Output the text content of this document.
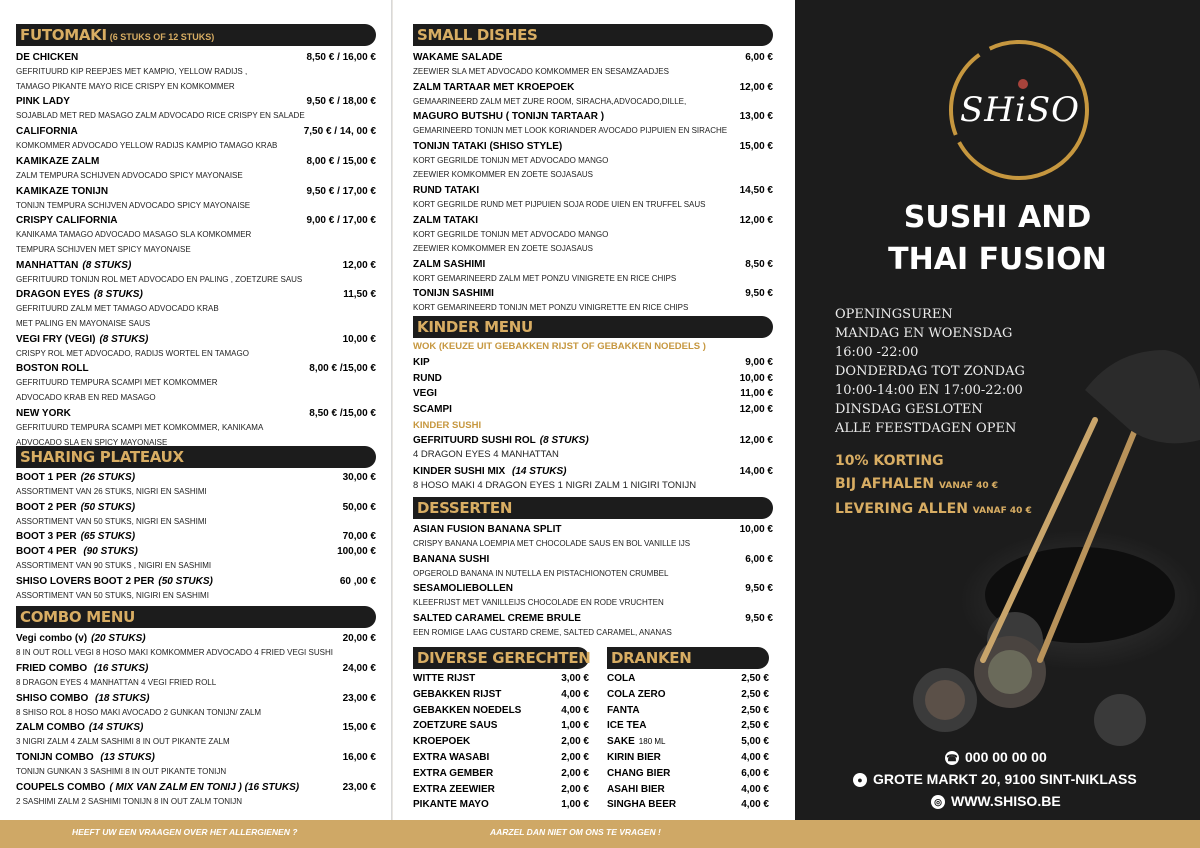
FUTOMAKI (6 STUKS OF 12 STUKS)
DE CHICKEN	8,50 € / 16,00 €
GEFRITUURD KIP REEPJES MET KAMPIO, YELLOW RADIJS ,
TAMAGO PIKANTE MAYO RICE CRISPY EN KOMKOMMER
PINK LADY	9,50 € / 18,00 €
SOJABLAD MET RED MASAGO ZALM ADVOCADO RICE CRISPY EN SALADE
CALIFORNIA	7,50 € / 14, 00 €
KOMKOMMER ADVOCADO YELLOW RADIJS KAMPIO TAMAGO KRAB
KAMIKAZE ZALM	8,00 € / 15,00 €
ZALM TEMPURA SCHIJVEN ADVOCADO SPICY MAYONAISE
KAMIKAZE TONIJN	9,50 € / 17,00 €
TONIJN TEMPURA SCHIJVEN ADVOCADO SPICY MAYONAISE
CRISPY CALIFORNIA	9,00 € / 17,00 €
KANIKAMA TAMAGO ADVOCADO MASAGO SLA KOMKOMMER
TEMPURA SCHIJVEN MET SPICY MAYONAISE
MANHATTAN (8 STUKS)	12,00 €
GEFRITUURD TONIJN ROL MET ADVOCADO EN PALING , ZOETZURE SAUS
DRAGON EYES (8 STUKS)	11,50 €
GEFRITUURD ZALM MET TAMAGO ADVOCADO KRAB
MET PALING EN MAYONAISE SAUS
VEGI FRY (VEGI) (8 STUKS)	10,00 €
CRISPY ROL MET ADVOCADO, RADIJS WORTEL EN TAMAGO
BOSTON ROLL	8,00 € /15,00 €
GEFRITUURD TEMPURA SCAMPI MET KOMKOMMER
ADVOCADO KRAB EN RED MASAGO
NEW YORK	8,50 € /15,00 €
GEFRITUURD TEMPURA SCAMPI MET KOMKOMMER, KANIKAMA
ADVOCADO SLA EN SPICY MAYONAISE
SHARING PLATEAUX
BOOT 1 PER (26 STUKS)	30,00 €
ASSORTIMENT VAN 26 STUKS, NIGRI EN SASHIMI
BOOT 2 PER (50 STUKS)	50,00 €
ASSORTIMENT VAN 50 STUKS, NIGRI EN SASHIMI
BOOT 3 PER (65 STUKS)	70,00 €
BOOT 4 PER (90 STUKS)	100,00 €
ASSORTIMENT VAN 90 STUKS , NIGIRI EN SASHIMI
SHISO LOVERS BOOT 2 PER (50 STUKS)	60 ,00 €
ASSORTIMENT VAN 50 STUKS, NIGIRI EN SASHIMI
COMBO MENU
Vegi combo (v) (20 STUKS)	20,00 €
8 IN OUT ROLL VEGI 8 HOSO MAKI KOMKOMMER ADVOCADO 4 FRIED VEGI SUSHI
FRIED COMBO (16 STUKS)	24,00 €
8 DRAGON EYES 4 MANHATTAN 4 VEGI FRIED ROLL
SHISO COMBO (18 STUKS)	23,00 €
8 SHISO ROL 8 HOSO MAKI AVOCADO 2 GUNKAN TONIJN/ ZALM
ZALM COMBO (14 STUKS)	15,00 €
3 NIGRI ZALM 4 ZALM SASHIMI 8 IN OUT PIKANTE ZALM
TONIJN COMBO (13 STUKS)	16,00 €
TONIJN GUNKAN 3 SASHIMI 8 IN OUT PIKANTE TONIJN
COUPELS COMBO ( MIX VAN ZALM EN TONIJ ) (16 STUKS)	23,00 €
2 SASHIMI ZALM 2 SASHIMI TONIJN 8 IN OUT ZALM TONIJN
SMALL DISHES
WAKAME SALADE	6,00 €
ZEEWIER SLA MET ADVOCADO KOMKOMMER EN SESAMZAADJES
ZALM TARTAAR MET KROEPOEK	12,00 €
GEMAARINEERD ZALM MET ZURE ROOM, SIRACHA,ADVOCADO,DILLE,
MAGURO BUTSHU ( TONIJN TARTAAR )	13,00 €
GEMARINEERD TONIJN MET LOOK KORIANDER AVOCADO PIJPUIEN EN SIRACHE
TONIJN TATAKI (SHISO STYLE)	15,00 €
KORT GEGRILDE TONIJN MET ADVOCADO MANGO
ZEEWIER KOMKOMMER EN ZOETE SOJASAUS
RUND TATAKI	14,50 €
KORT GEGRILDE RUND MET PIJPUIEN SOJA RODE UIEN EN TRUFFEL SAUS
ZALM TATAKI	12,00 €
KORT GEGRILDE TONIJN MET ADVOCADO MANGO
ZEEWIER KOMKOMMER EN ZOETE SOJASAUS
ZALM SASHIMI	8,50 €
KORT GEMARINEERD ZALM MET PONZU VINIGRETE EN RICE CHIPS
TONIJN SASHIMI	9,50 €
KORT GEMARINEERD TONIJN MET PONZU VINIGRETTE EN RICE CHIPS
KINDER MENU
WOK (KEUZE UIT GEBAKKEN RIJST OF GEBAKKEN NOEDELS )
KIP	9,00 €
RUND	10,00 €
VEGI	11,00 €
SCAMPI	12,00 €
KINDER SUSHI
GEFRITUURD SUSHI ROL (8 STUKS)	12,00 €
4 DRAGON EYES 4 MANHATTAN
KINDER SUSHI MIX (14 STUKS)	14,00 €
8 HOSO MAKI 4 DRAGON EYES 1 NIGRI ZALM 1 NIGIRI TONIJN
DESSERTEN
ASIAN FUSION BANANA SPLIT	10,00 €
CRISPY BANANA LOEMPIA MET CHOCOLADE SAUS EN BOL VANILLE IJS
BANANA SUSHI	6,00 €
OPGEROLD BANANA IN NUTELLA EN PISTACHIONOTEN CRUMBEL
SESAMOLIEBOLLEN	9,50 €
KLEEFRIJST MET VANILLEIJS CHOCOLADE EN RODE VRUCHTEN
SALTED CARAMEL CREME BRULE	9,50 €
EEN ROMIGE LAAG CUSTARD CREME, SALTED CARAMEL, ANANAS
DIVERSE GERECHTEN
WITTE RIJST	3,00 €
GEBAKKEN RIJST	4,00 €
GEBAKKEN NOEDELS	4,00 €
ZOETZURE SAUS	1,00 €
KROEPOEK	2,00 €
EXTRA WASABI	2,00 €
EXTRA GEMBER	2,00 €
EXTRA ZEEWIER	2,00 €
PIKANTE MAYO	1,00 €
DRANKEN
COLA	2,50 €
COLA ZERO	2,50 €
FANTA	2,50 €
ICE TEA	2,50 €
SAKE 180 ML	5,00 €
KIRIN BIER	4,00 €
CHANG BIER	6,00 €
ASAHI BIER	4,00 €
SINGHA BEER	4,00 €
SHiSO
SUSHI AND
THAI FUSION
OPENINGSUREN
MANDAG EN WOENSDAG
16:00 -22:00
DONDERDAG TOT ZONDAG
10:00-14:00 EN 17:00-22:00
DINSDAG GESLOTEN
ALLE FEESTDAGEN OPEN
10% KORTING
BIJ AFHALEN VANAF 40 €
LEVERING ALLEN VANAF 40 €
☎ 000 00 00 00
● GROTE MARKT 20, 9100 SINT-NIKLASS
◎ WWW.SHISO.BE
HEEFT UW EEN VRAAGEN OVER HET ALLERGIENEN ?	AARZEL DAN NIET OM ONS TE VRAGEN !
